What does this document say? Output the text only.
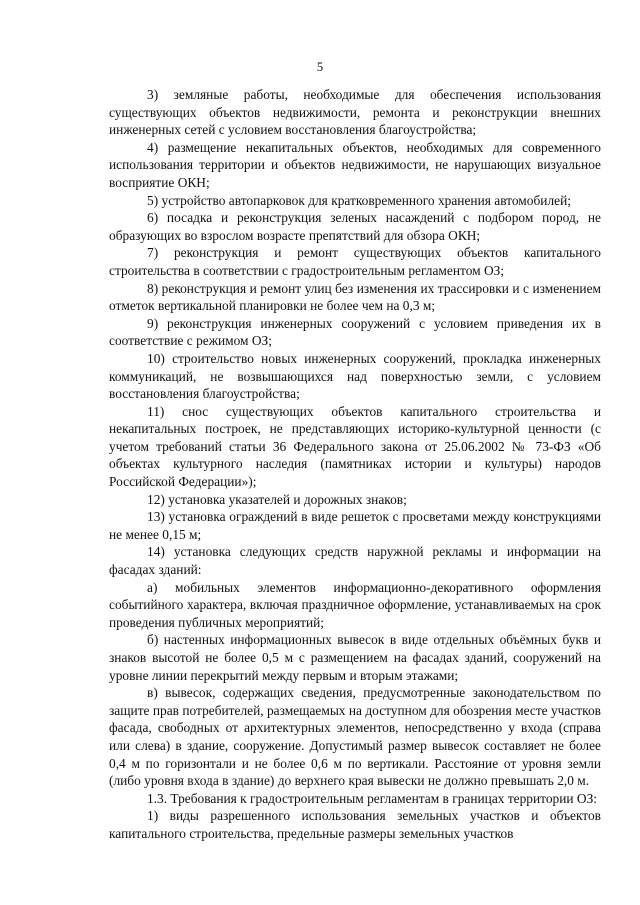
5

3) земляные работы, необходимые для обеспечения использования существующих объектов недвижимости, ремонта и реконструкции внешних инженерных сетей с условием восстановления благоустройства;

4) размещение некапитальных объектов, необходимых для современного использования территории и объектов недвижимости, не нарушающих визуальное восприятие ОКН;

5) устройство автопарковок для кратковременного хранения автомобилей;

6) посадка и реконструкция зеленых насаждений с подбором пород, не образующих во взрослом возрасте препятствий для обзора ОКН;

7) реконструкция и ремонт существующих объектов капитального строительства в соответствии с градостроительным регламентом ОЗ;

8) реконструкция и ремонт улиц без изменения их трассировки и с изменением отметок вертикальной планировки не более чем на 0,3 м;

9) реконструкция инженерных сооружений с условием приведения их в соответствие с режимом ОЗ;

10) строительство новых инженерных сооружений, прокладка инженерных коммуникаций, не возвышающихся над поверхностью земли, с условием восстановления благоустройства;

11) снос существующих объектов капитального строительства и некапитальных построек, не представляющих историко-культурной ценности (с учетом требований статьи 36 Федерального закона от 25.06.2002 № 73-ФЗ «Об объектах культурного наследия (памятниках истории и культуры) народов Российской Федерации»);

12) установка указателей и дорожных знаков;

13) установка ограждений в виде решеток с просветами между конструкциями не менее 0,15 м;

14) установка следующих средств наружной рекламы и информации на фасадах зданий:

а) мобильных элементов информационно-декоративного оформления событийного характера, включая праздничное оформление, устанавливаемых на срок проведения публичных мероприятий;

б) настенных информационных вывесок в виде отдельных объёмных букв и знаков высотой не более 0,5 м с размещением на фасадах зданий, сооружений на уровне линии перекрытий между первым и вторым этажами;

в) вывесок, содержащих сведения, предусмотренные законодательством по защите прав потребителей, размещаемых на доступном для обозрения месте участков фасада, свободных от архитектурных элементов, непосредственно у входа (справа или слева) в здание, сооружение. Допустимый размер вывесок составляет не более 0,4 м по горизонтали и не более 0,6 м по вертикали. Расстояние от уровня земли (либо уровня входа в здание) до верхнего края вывески не должно превышать 2,0 м.

1.3. Требования к градостроительным регламентам в границах территории ОЗ:

1) виды разрешенного использования земельных участков и объектов капитального строительства, предельные размеры земельных участков
